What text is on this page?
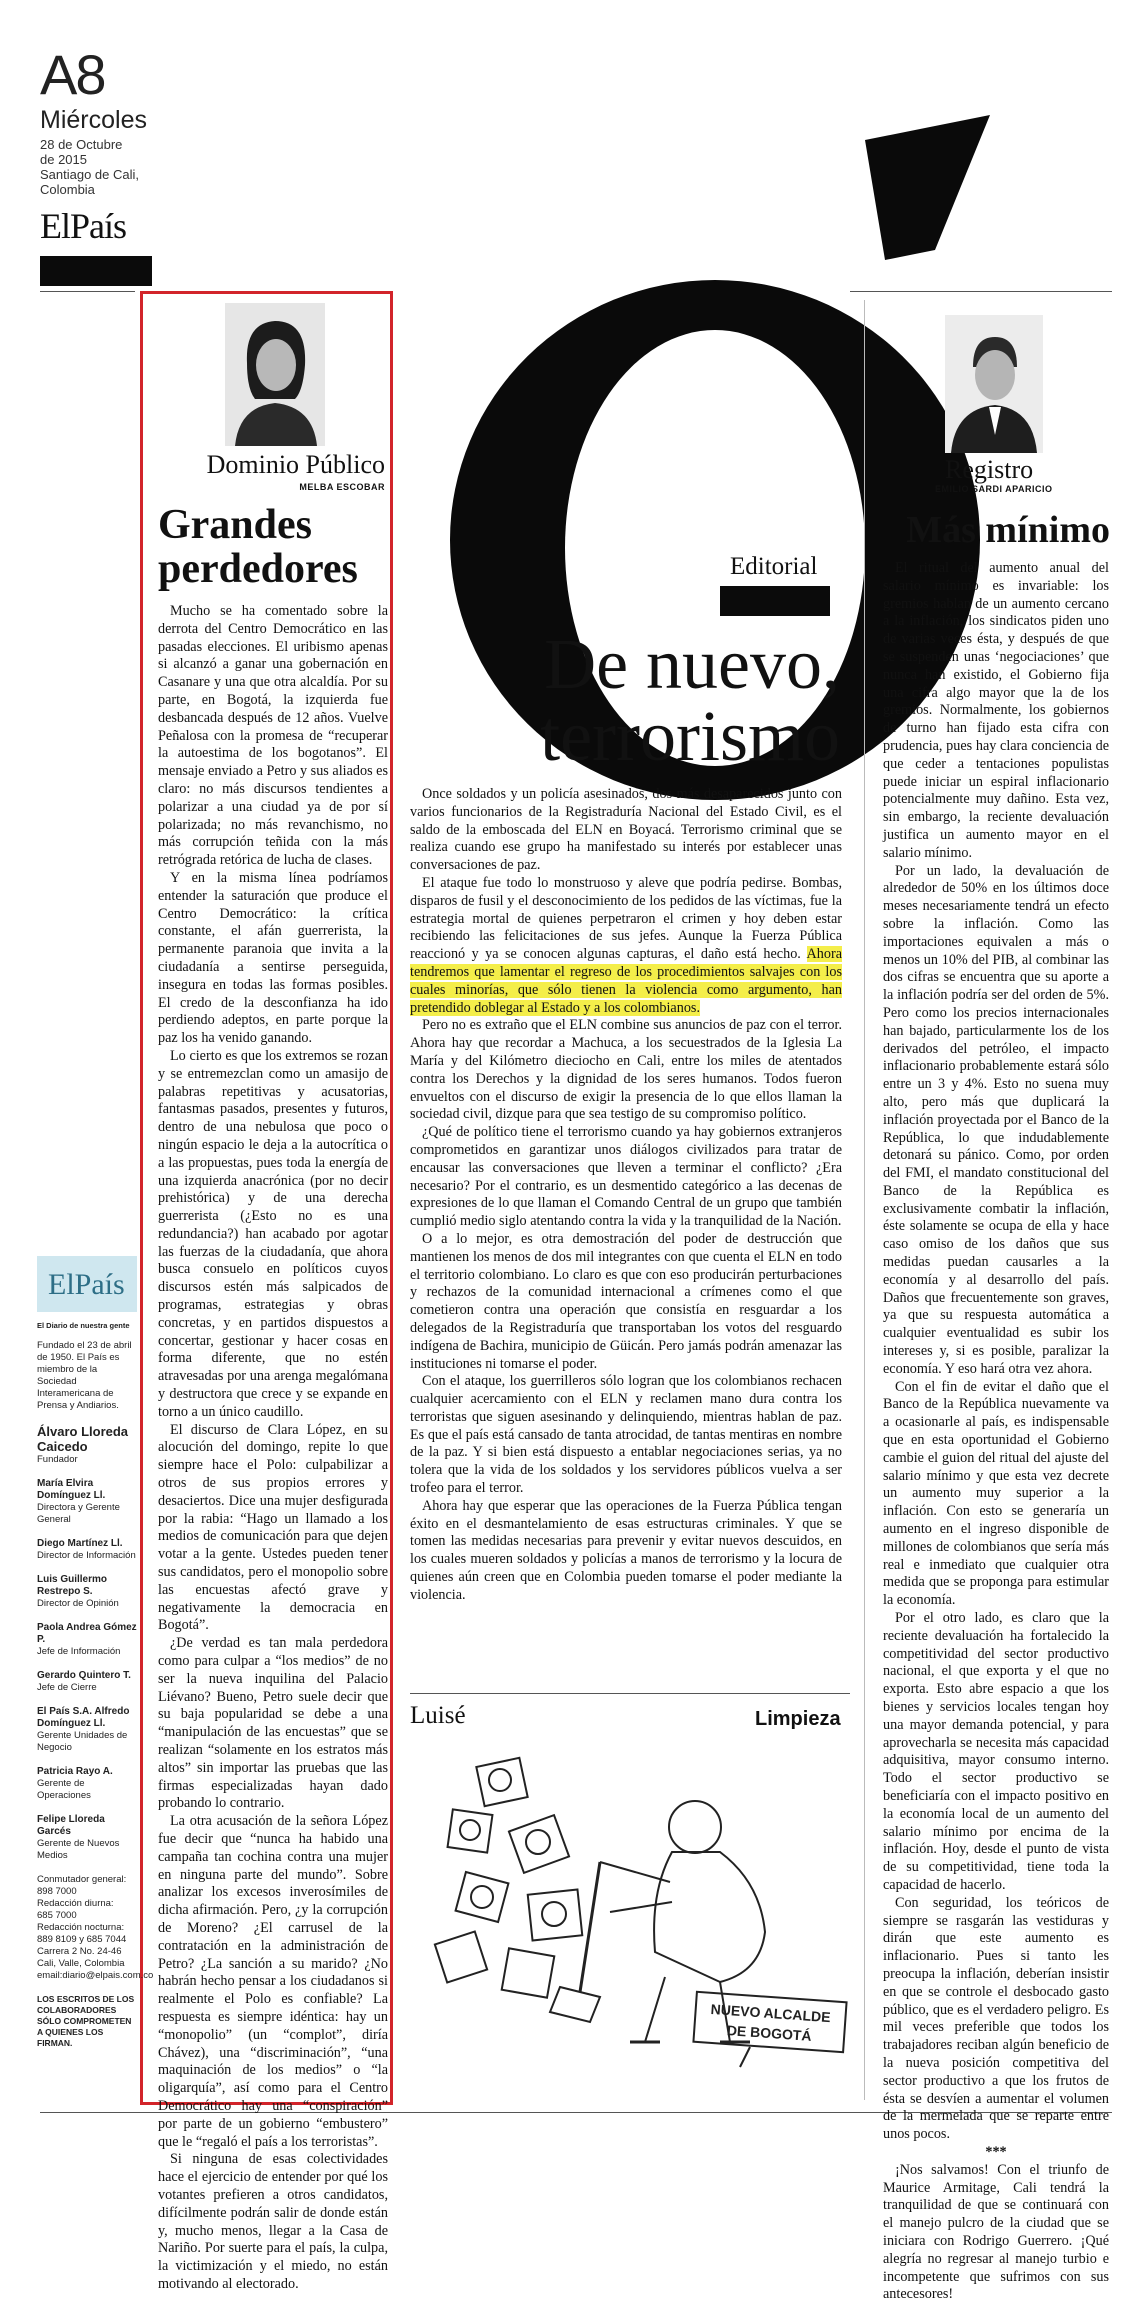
A8
Miércoles
28 de Octubre
de 2015
Santiago de Cali,
Colombia
ElPaís
Dominio Público
MELBA ESCOBAR
Grandes
perdedores

Mucho se ha comentado sobre la derrota del Centro Democrático en las pasadas elecciones. El uribismo apenas si alcanzó a ganar una gobernación en Casanare y una que otra alcaldía. Por su parte, en Bogotá, la izquierda fue desbancada después de 12 años. Vuelve Peñalosa con la promesa de “recuperar la autoestima de los bogotanos”. El mensaje enviado a Petro y sus aliados es claro: no más discursos tendientes a polarizar a una ciudad ya de por sí polarizada; no más revanchismo, no más corrupción teñida con la más retrógrada retórica de lucha de clases.

Y en la misma línea podríamos entender la saturación que produce el Centro Democrático: la crítica constante, el afán guerrerista, la permanente paranoia que invita a la ciudadanía a sentirse perseguida, insegura en todas las formas posibles. El credo de la desconfianza ha ido perdiendo adeptos, en parte porque la paz los ha venido ganando.

Lo cierto es que los extremos se rozan y se entremezclan como un amasijo de palabras repetitivas y acusatorias, fantasmas pasados, presentes y futuros, dentro de una nebulosa que poco o ningún espacio le deja a la autocrítica o a las propuestas, pues toda la energía de una izquierda anacrónica (por no decir prehistórica) y de una derecha guerrerista (¿Esto no es una redundancia?) han acabado por agotar las fuerzas de la ciudadanía, que ahora busca consuelo en políticos cuyos discursos estén más salpicados de programas, estrategias y obras concretas, y en partidos dispuestos a concertar, gestionar y hacer cosas en forma diferente, que no estén atravesadas por una arenga megalómana y destructora que crece y se expande en torno a un único caudillo.

El discurso de Clara López, en su alocución del domingo, repite lo que siempre hace el Polo: culpabilizar a otros de sus propios errores y desaciertos. Dice una mujer desfigurada por la rabia: “Hago un llamado a los medios de comunicación para que dejen votar a la gente. Ustedes pueden tener sus candidatos, pero el monopolio sobre las encuestas afectó grave y negativamente la democracia en Bogotá”.

¿De verdad es tan mala perdedora como para culpar a “los medios” de no ser la nueva inquilina del Palacio Liévano? Bueno, Petro suele decir que su baja popularidad se debe a una “manipulación de las encuestas” que se realizan “solamente en los estratos más altos” sin importar las pruebas que las firmas especializadas hayan dado probando lo contrario.

La otra acusación de la señora López fue decir que “nunca ha habido una campaña tan cochina contra una mujer en ninguna parte del mundo”. Sobre analizar los excesos inverosímiles de dicha afirmación. Pero, ¿y la corrupción de Moreno? ¿El carrusel de la contratación en la administración de Petro? ¿La sanción a su marido? ¿No habrán hecho pensar a los ciudadanos si realmente el Polo es confiable? La respuesta es siempre idéntica: hay un “monopolio” (un “complot”, diría Chávez), una “discriminación”, “una maquinación de los medios” o “la oligarquía”, así como para el Centro Democrático hay una “conspiración” por parte de un gobierno “embustero” que le “regaló el país a los terroristas”.

Si ninguna de esas colectividades hace el ejercicio de entender por qué los votantes prefieren a otros candidatos, difícilmente podrán salir de donde están y, mucho menos, llegar a la Casa de Nariño. Por suerte para el país, la culpa, la victimización y el miedo, no están motivando al electorado.

ElPaís
El Diario de nuestra gente
Fundado el 23 de abril de 1950. El País es miembro de la Sociedad Interamericana de Prensa y Andiarios.
Álvaro Lloreda Caicedo
Fundador
María Elvira Domínguez Ll.
Directora y Gerente General
Diego Martínez Ll.
Director de Información
Luis Guillermo Restrepo S.
Director de Opinión
Paola Andrea Gómez P.
Jefe de Información
Gerardo Quintero T.
Jefe de Cierre
El País S.A. Alfredo Domínguez Ll.
Gerente Unidades de Negocio
Patricia Rayo A.
Gerente de Operaciones
Felipe Lloreda Garcés
Gerente de Nuevos Medios
Conmutador general:
898 7000
Redacción diurna:
685 7000
Redacción nocturna:
889 8109 y 685 7044
Carrera 2 No. 24-46
Cali, Valle, Colombia
email:diario@elpais.com.co
LOS ESCRITOS DE LOS COLABORADORES SÓLO COMPROMETEN A QUIENES LOS FIRMAN.
Editorial
De nuevo,
terrorismo

Once soldados y un policía asesinados, dos más desaparecidos junto con varios funcionarios de la Registraduría Nacional del Estado Civil, es el saldo de la emboscada del ELN en Boyacá. Terrorismo criminal que se realiza cuando ese grupo ha manifestado su interés por establecer unas conversaciones de paz.

El ataque fue todo lo monstruoso y aleve que podría pedirse. Bombas, disparos de fusil y el desconocimiento de los pedidos de las víctimas, fue la estrategia mortal de quienes perpetraron el crimen y hoy deben estar recibiendo las felicitaciones de sus jefes. Aunque la Fuerza Pública reaccionó y ya se conocen algunas capturas, el daño está hecho. Ahora tendremos que lamentar el regreso de los procedimientos salvajes con los cuales minorías, que sólo tienen la violencia como argumento, han pretendido doblegar al Estado y a los colombianos.

Pero no es extraño que el ELN combine sus anuncios de paz con el terror. Ahora hay que recordar a Machuca, a los secuestrados de la Iglesia La María y del Kilómetro dieciocho en Cali, entre los miles de atentados contra los Derechos y la dignidad de los seres humanos. Todos fueron envueltos con el discurso de exigir la presencia de lo que ellos llaman la sociedad civil, dizque para que sea testigo de su compromiso político.

¿Qué de político tiene el terrorismo cuando ya hay gobiernos extranjeros comprometidos en garantizar unos diálogos civilizados para tratar de encausar las conversaciones que lleven a terminar el conflicto? ¿Era necesario? Por el contrario, es un desmentido categórico a las decenas de expresiones de lo que llaman el Comando Central de un grupo que también cumplió medio siglo atentando contra la vida y la tranquilidad de la Nación.

O a lo mejor, es otra demostración del poder de destrucción que mantienen los menos de dos mil integrantes con que cuenta el ELN en todo el territorio colombiano. Lo claro es que con eso producirán perturbaciones y rechazos de la comunidad internacional a crímenes como el que cometieron contra una operación que consistía en resguardar a los delegados de la Registraduría que transportaban los votos del resguardo indígena de Bachira, municipio de Güicán. Pero jamás podrán amenazar las instituciones ni tomarse el poder.

Con el ataque, los guerrilleros sólo logran que los colombianos rechacen cualquier acercamiento con el ELN y reclamen mano dura contra los terroristas que siguen asesinando y delinquiendo, mientras hablan de paz. Es que el país está cansado de tanta atrocidad, de tantas mentiras en nombre de la paz. Y si bien está dispuesto a entablar negociaciones serias, ya no tolera que la vida de los soldados y los servidores públicos vuelva a ser trofeo para el terror.

Ahora hay que esperar que las operaciones de la Fuerza Pública tengan éxito en el desmantelamiento de esas estructuras criminales. Y que se tomen las medidas necesarias para prevenir y evitar nuevos descuidos, en los cuales mueren soldados y policías a manos de terrorismo y la locura de quienes aún creen que en Colombia pueden tomarse el poder mediante la violencia.

Luisé	Limpieza
NUEVO ALCALDE
DE BOGOTÁ
Registro
EMILIO SARDI APARICIO
Más mínimo

El ritual del aumento anual del salario mínimo es invariable: los gremios hablan de un aumento cercano a la inflación, los sindicatos piden uno de varias veces ésta, y después de que se suspenden unas ‘negociaciones’ que nunca han existido, el Gobierno fija una cifra algo mayor que la de los gremios. Normalmente, los gobiernos de turno han fijado esta cifra con prudencia, pues hay clara conciencia de que ceder a tentaciones populistas puede iniciar un espiral inflacionario potencialmente muy dañino. Esta vez, sin embargo, la reciente devaluación justifica un aumento mayor en el salario mínimo.

Por un lado, la devaluación de alrededor de 50% en los últimos doce meses necesariamente tendrá un efecto sobre la inflación. Como las importaciones equivalen a más o menos un 10% del PIB, al combinar las dos cifras se encuentra que su aporte a la inflación podría ser del orden de 5%. Pero como los precios internacionales han bajado, particularmente los de los derivados del petróleo, el impacto inflacionario probablemente estará sólo entre un 3 y 4%. Esto no suena muy alto, pero más que duplicará la inflación proyectada por el Banco de la República, lo que indudablemente detonará su pánico. Como, por orden del FMI, el mandato constitucional del Banco de la República es exclusivamente combatir la inflación, éste solamente se ocupa de ella y hace caso omiso de los daños que sus medidas puedan causarles a la economía y al desarrollo del país. Daños que frecuentemente son graves, ya que su respuesta automática a cualquier eventualidad es subir los intereses y, si es posible, paralizar la economía. Y eso hará otra vez ahora.

Con el fin de evitar el daño que el Banco de la República nuevamente va a ocasionarle al país, es indispensable que en esta oportunidad el Gobierno cambie el guion del ritual del ajuste del salario mínimo y que esta vez decrete un aumento muy superior a la inflación. Con esto se generaría un aumento en el ingreso disponible de millones de colombianos que sería más real e inmediato que cualquier otra medida que se proponga para estimular la economía.

Por el otro lado, es claro que la reciente devaluación ha fortalecido la competitividad del sector productivo nacional, el que exporta y el que no exporta. Esto abre espacio a que los bienes y servicios locales tengan hoy una mayor demanda potencial, y para aprovecharla se necesita más capacidad adquisitiva, mayor consumo interno. Todo el sector productivo se beneficiaría con el impacto positivo en la economía local de un aumento del salario mínimo por encima de la inflación. Hoy, desde el punto de vista de su competitividad, tiene toda la capacidad de hacerlo.

Con seguridad, los teóricos de siempre se rasgarán las vestiduras y dirán que este aumento es inflacionario. Pues si tanto les preocupa la inflación, deberían insistir en que se controle el desbocado gasto público, que es el verdadero peligro. Es mil veces preferible que todos los trabajadores reciban algún beneficio de la nueva posición competitiva del sector productivo a que los frutos de ésta se desvíen a aumentar el volumen de la mermelada que se reparte entre unos pocos.

***

¡Nos salvamos! Con el triunfo de Maurice Armitage, Cali tendrá la tranquilidad de que se continuará con el manejo pulcro de la ciudad que se iniciara con Rodrigo Guerrero. ¡Qué alegría no regresar al manejo turbio e incompetente que sufrimos con sus antecesores!
